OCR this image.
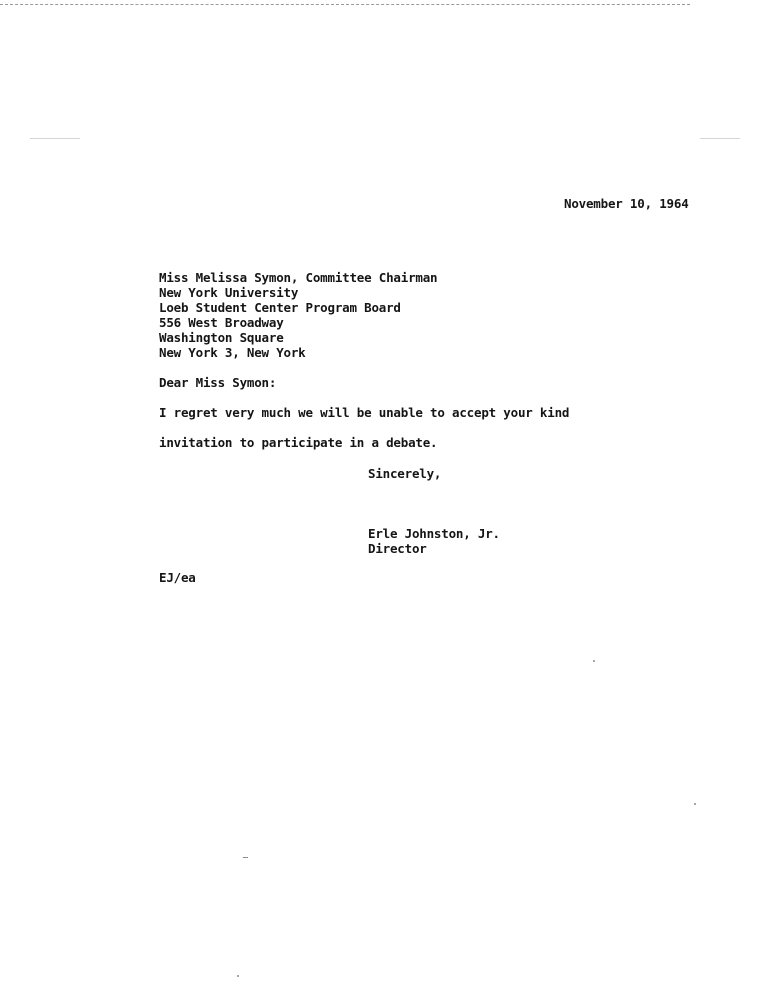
November 10, 1964
Miss Melissa Symon, Committee Chairman
New York University
Loeb Student Center Program Board
556 West Broadway
Washington Square
New York 3, New York
Dear Miss Symon:
I regret very much we will be unable to accept your kind
invitation to participate in a debate.
Sincerely,
Erle Johnston, Jr.
Director
EJ/ea
